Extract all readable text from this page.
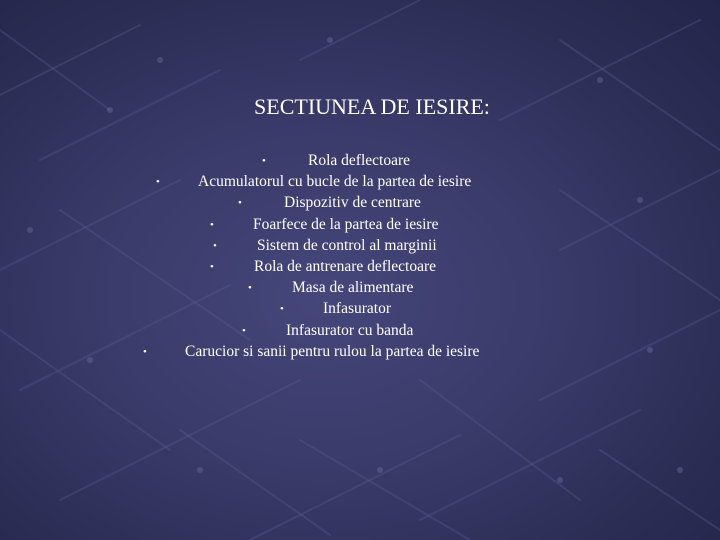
SECTIUNEA DE IESIRE:
•	Rola deflectoare
• Acumulatorul cu bucle de la partea de iesire
•	Dispozitiv de centrare
•	Foarfece de la partea de iesire
•	Sistem de control al marginii
•	Rola de antrenare deflectoare
•	Masa de alimentare
•	Infasurator
•	Infasurator cu banda
• Carucior si sanii pentru rulou la partea de iesire
